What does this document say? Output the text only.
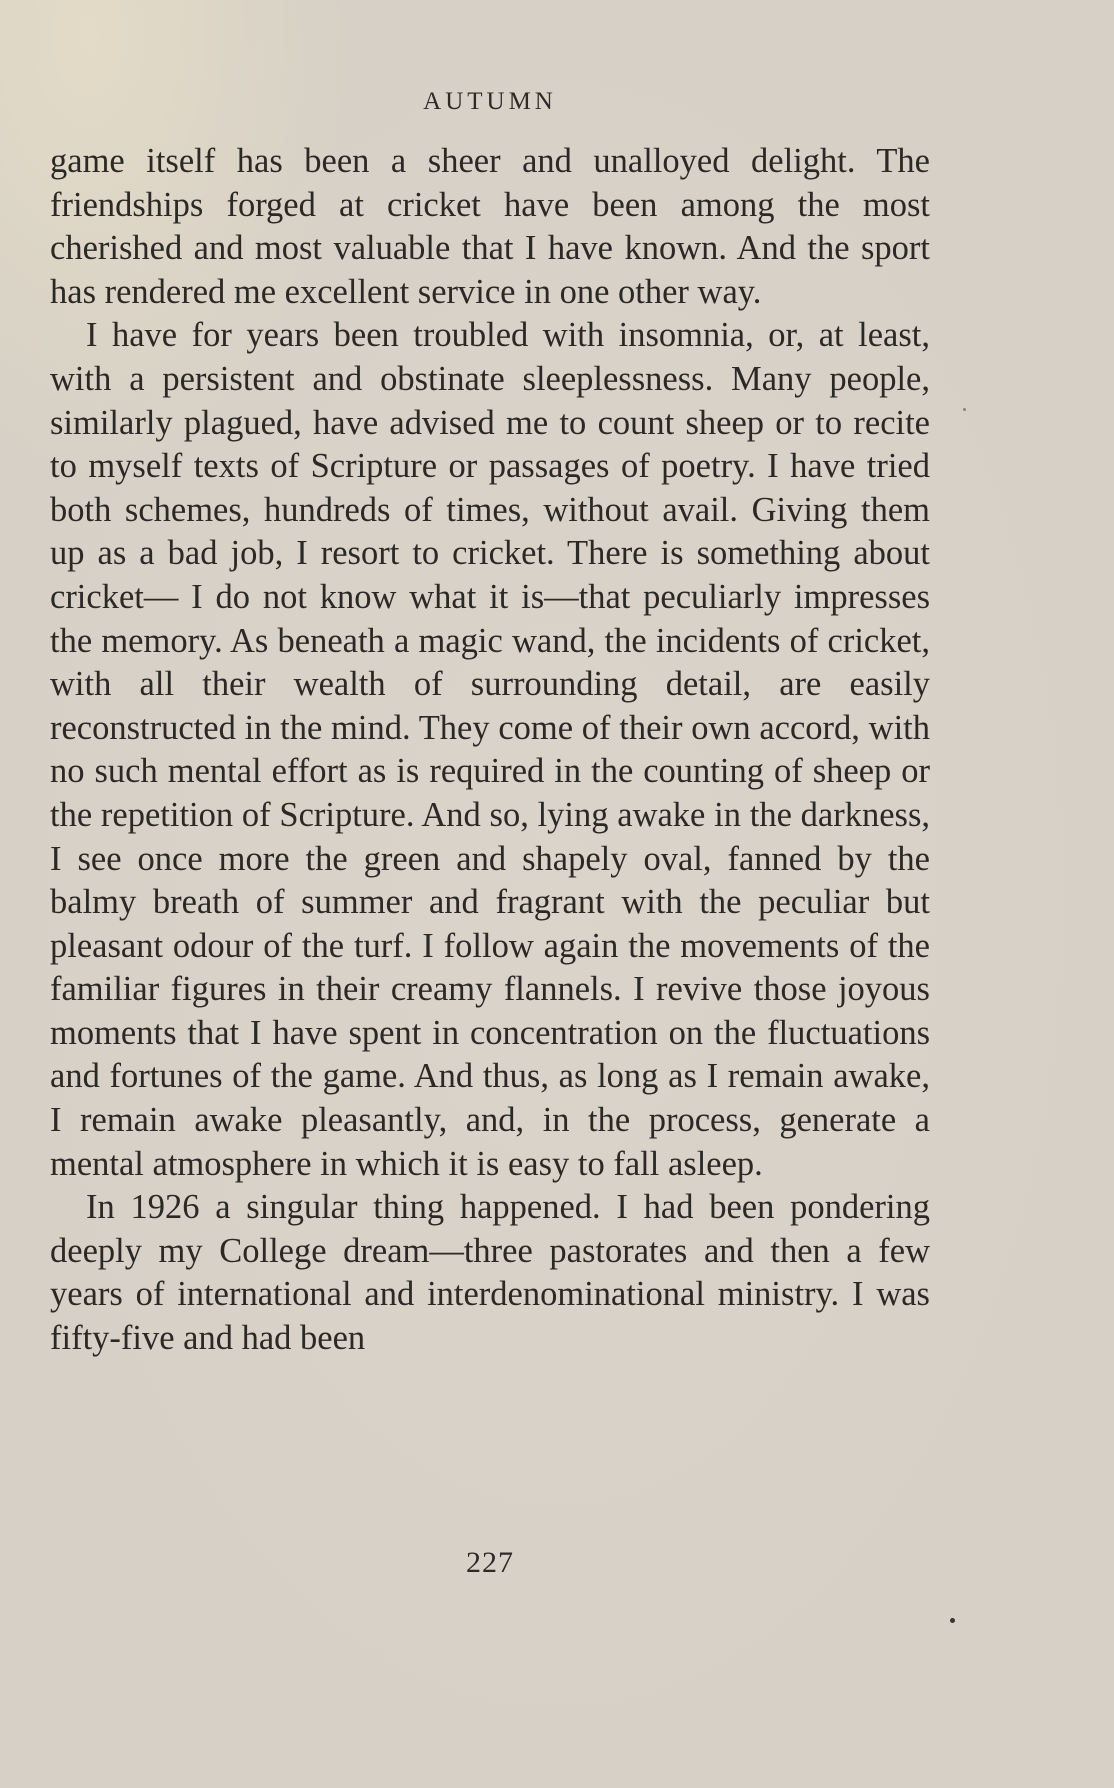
AUTUMN

game itself has been a sheer and unalloyed delight. The friendships forged at cricket have been among the most cherished and most valuable that I have known. And the sport has rendered me excellent service in one other way.

I have for years been troubled with insomnia, or, at least, with a persistent and obstinate sleeplessness. Many people, similarly plagued, have advised me to count sheep or to recite to myself texts of Scripture or passages of poetry. I have tried both schemes, hundreds of times, without avail. Giving them up as a bad job, I resort to cricket. There is something about cricket— I do not know what it is—that peculiarly impresses the memory. As beneath a magic wand, the incidents of cricket, with all their wealth of surrounding detail, are easily reconstructed in the mind. They come of their own accord, with no such mental effort as is required in the counting of sheep or the repetition of Scripture. And so, lying awake in the darkness, I see once more the green and shapely oval, fanned by the balmy breath of summer and fragrant with the peculiar but pleasant odour of the turf. I follow again the movements of the familiar figures in their creamy flannels. I revive those joyous moments that I have spent in concentration on the fluctuations and fortunes of the game. And thus, as long as I remain awake, I remain awake pleasantly, and, in the process, generate a mental atmosphere in which it is easy to fall asleep.

In 1926 a singular thing happened. I had been pondering deeply my College dream—three pastorates and then a few years of international and interdenominational ministry. I was fifty-five and had been

227
